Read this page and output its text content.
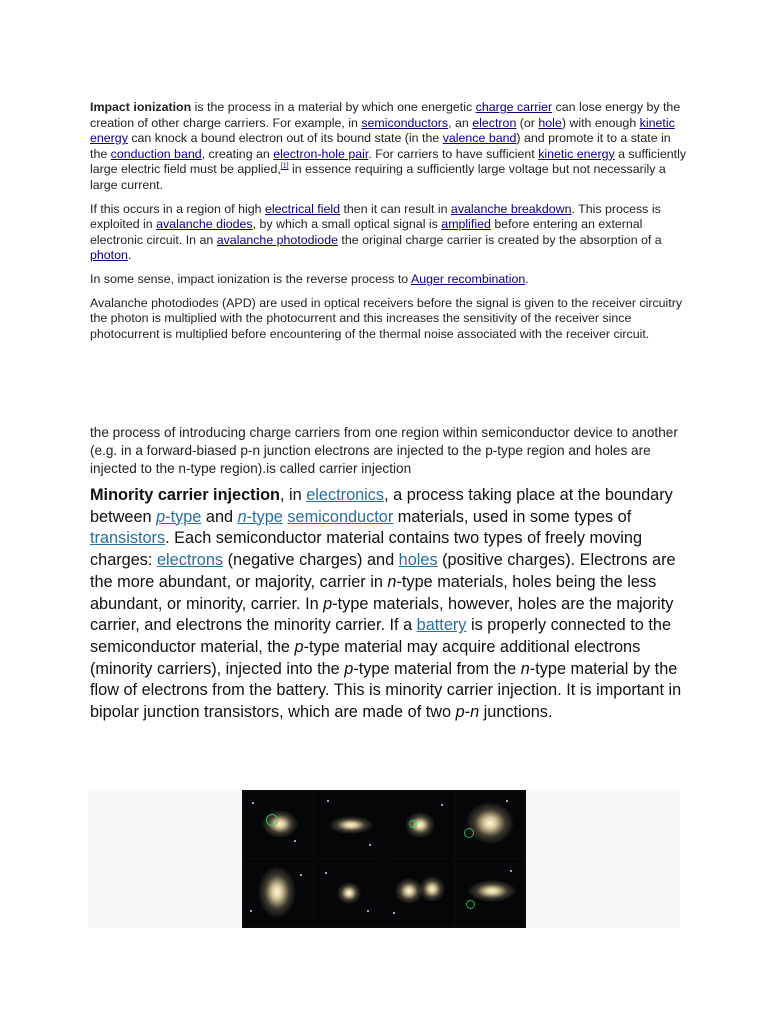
Impact ionization is the process in a material by which one energetic charge carrier can lose energy by the creation of other charge carriers. For example, in semiconductors, an electron (or hole) with enough kinetic energy can knock a bound electron out of its bound state (in the valence band) and promote it to a state in the conduction band, creating an electron-hole pair. For carriers to have sufficient kinetic energy a sufficiently large electric field must be applied,[1] in essence requiring a sufficiently large voltage but not necessarily a large current.

If this occurs in a region of high electrical field then it can result in avalanche breakdown. This process is exploited in avalanche diodes, by which a small optical signal is amplified before entering an external electronic circuit. In an avalanche photodiode the original charge carrier is created by the absorption of a photon.

In some sense, impact ionization is the reverse process to Auger recombination.

Avalanche photodiodes (APD) are used in optical receivers before the signal is given to the receiver circuitry the photon is multiplied with the photocurrent and this increases the sensitivity of the receiver since photocurrent is multiplied before encountering of the thermal noise associated with the receiver circuit.

the process of introducing charge carriers from one region within semiconductor device to another (e.g. in a forward-biased p-n junction electrons are injected to the p-type region and holes are injected to the n-type region).is called carrier injection
Minority carrier injection, in electronics, a process taking place at the boundary between p-type and n-type semiconductor materials, used in some types of transistors. Each semiconductor material contains two types of freely moving charges: electrons (negative charges) and holes (positive charges). Electrons are the more abundant, or majority, carrier in n-type materials, holes being the less abundant, or minority, carrier. In p-type materials, however, holes are the majority carrier, and electrons the minority carrier. If a battery is properly connected to the semiconductor material, the p-type material may acquire additional electrons (minority carriers), injected into the p-type material from the n-type material by the flow of electrons from the battery. This is minority carrier injection. It is important in bipolar junction transistors, which are made of two p-n junctions.
